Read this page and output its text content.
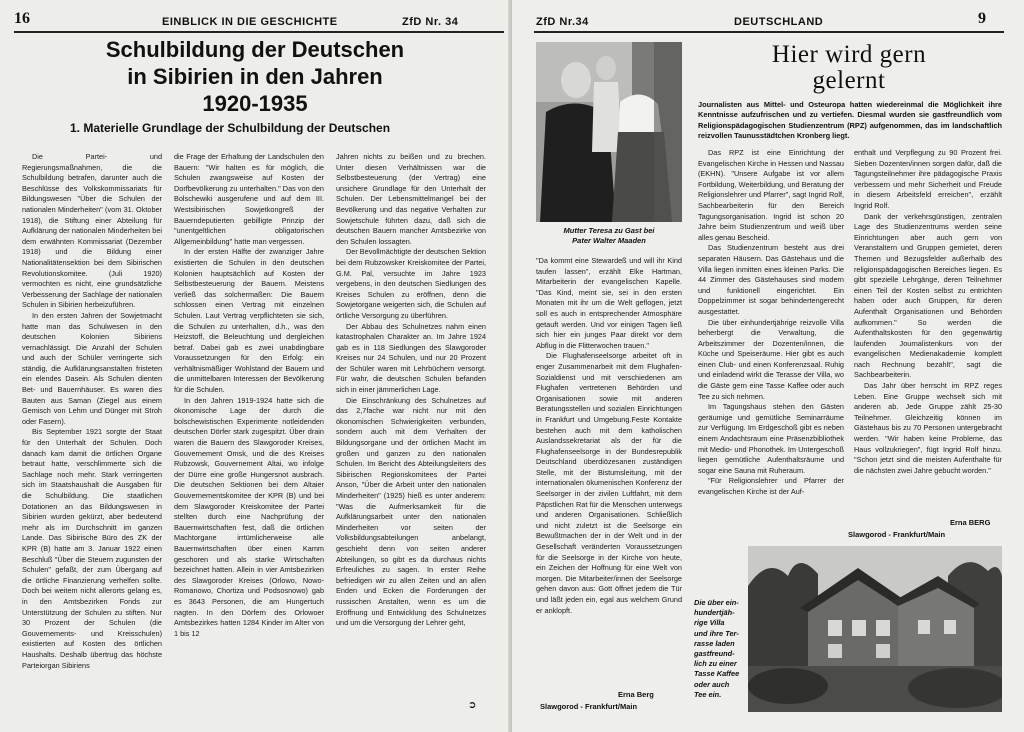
16	EINBLICK IN DIE GESCHICHTE	ZfD Nr. 34
Schulbildung der Deutschen
in Sibirien in den Jahren
1920-1935
1. Materielle Grundlage der Schulbildung der Deutschen

Die Partei- und Regierungsmaßnahmen, die die Schulbildung betrafen, darunter auch die Beschlüsse des Volkskommissariats für Bildungswesen "Über die Schulen der nationalen Minderheiten" (vom 31. Oktober 1918), die Stiftung einer Abteilung für Aufklärung der nationalen Minderheiten bei dem erwähnten Kommissariat (Dezember 1918) und die Bildung einer Nationalitätensektion bei dem Sibirischen Revolutionskomitee. (Juli 1920) vermochten es nicht, eine grundsätzliche Verbesserung der Sachlage der nationalen Schulen in Sibirien herbeizuführen.

In den ersten Jahren der Sowjetmacht hatte man das Schulwesen in den deutschen Kolonien Sibiriens vernachlässigt. Die Anzahl der Schulen und auch der Schüler verringerte sich ständig, die Aufklärungsanstalten fristeten ein elendes Dasein. Als Schulen dienten Bet- und Bauernhäuser. Es waren dies Bauten aus Saman (Ziegel aus einem Gemisch von Lehm und Dünger mit Stroh oder Fasern).

Bis September 1921 sorgte der Staat für den Unterhalt der Schulen. Doch danach kam damit die örtlichen Organe betraut hatte, verschlimmerte sich die Sachlage noch mehr. Stark verringerten sich im Staatshaushalt die Ausgaben für die Schulbildung. Die staatlichen Dotationen an das Bildungswesen in Sibirien wurden gekürzt, aber bedeutend mehr als im Durchschnitt im ganzen Lande. Das Sibirische Büro des ZK der KPR (B) hatte am 3. Januar 1922 einen Beschluß "Über die Steuern zugunsten der Schulen" gefaßt, der zum Übergang auf die örtliche Finanzierung verhelfen sollte. Doch bei weitem nicht allerorts gelang es, in den Amtsbezirken Fonds zur Unterstützung der Schulen zu stiften. Nur 30 Prozent der Schulen (die Gouvernements- und Kreisschulen) existierten auf Kosten des örtlichen Haushalts. Deshalb übertrug das höchste Parteiorgan Sibiriens

die Frage der Erhaltung der Landschulen den Bauern: "Wir halten es für möglich, die Schulen zwangsweise auf Kosten der Dorfbevölkerung zu unterhalten." Das von den Bolschewiki ausgerufene und auf dem III. Westsibirischen Sowjetkongreß der Bauerndeputierten gebilligte Prinzip der "unentgeltlichen obligatorischen Allgemeinbildung" hatte man vergessen.

In der ersten Hälfte der zwanziger Jahre existierten die Schulen in den deutschen Kolonien hauptsächlich auf Kosten der Selbstbesteuerung der Bauern. Meistens verließ das solchermaßen: Die Bauern schlossen einen Vertrag mit einzelnen Schulen. Laut Vertrag verpflichteten sie sich, die Schulen zu unterhalten, d.h., was den Heizstoff, die Beleuchtung und dergleichen betraf. Dabei gab es zwei unabdingbare Voraussetzungen für den Erfolg: ein verhältnismäßiger Wohlstand der Bauern und die unmittelbaren Interessen der Bevölkerung für die Schulen.

In den Jahren 1919-1924 hatte sich die ökonomische Lage der durch die bolschewistischen Experimente notleidenden deutschen Dörfer stark zugespitzt. Über drain waren die Bauern des Slawgoroder Kreises, Gouvernement Omsk, und die des Kreises Rubzowsk, Gouvernement Altai, wo infolge der Dürre eine große Hungersnot ausbrach. Die deutschen Sektionen bei dem Altaier Gouvernementskomitee der KPR (B) und bei dem Slawgoroder Kreiskomitee der Partei stellten durch eine Nachprüfung der Bauernwirtschaften fest, daß die örtlichen Machtorgane irrtümlicherweise alle Bauernwirtschaften über einen Kamm geschoren und als starke Wirtschaften bezeichnet hatten. Allein in vier Amtsbezirken des Slawgoroder Kreises (Orlowo, Nowo-Romanowo, Chortiza und Podsosnowo) gab es 3643 Personen, die am Hungertuch nagten. In den Dörfern des Orlowoer Amtsbezirkes hatten 1284 Kinder im Alter von 1 bis 12

Jahren nichts zu beißen und zu brechen. Unter diesen Verhältnissen war die Selbstbesteuerung (der Vertrag) eine unsichere Grundlage für den Unterhalt der Schulen. Der Lebensmittelmangel bei der Bevölkerung und das negative Verhalten zur Sowjetschule führten dazu, daß sich die deutschen Bauern mancher Amtsbezirke von den Schulen lossagten.

Der Bevollmächtigte der deutschen Sektion bei dem Rubzowsker Kreiskomitee der Partei, G.M. Pal, versuchte im Jahre 1923 vergebens, in den deutschen Siedlungen des Kreises Schulen zu eröffnen, denn die Sowjetorgane weigerten sich, die Schulen auf örtliche Versorgung zu überführen.

Der Abbau des Schulnetzes nahm einen katastrophalen Charakter an. Im Jahre 1924 gab es in 118 Siedlungen des Slawgoroder Kreises nur 24 Schulen, und nur 20 Prozent der Schüler waren mit Lehrbüchern versorgt. Für wahr, die deutschen Schulen befanden sich in einer jämmerlichen Lage.

Die Einschränkung des Schulnetzes auf das 2,7fache war nicht nur mit den ökonomischen Schwierigkeiten verbunden, sondern auch mit dem Verhalten der Bildungsorgane und der örtlichen Macht im großen und ganzen zu den nationalen Schulen. Im Bericht des Abteilungsleiters des Sibirischen Regionskomitees der Partei Anson, "Über die Arbeit unter den nationalen Minderheiten" (1925) hieß es unter anderem: "Was die Aufmerksamkeit für die Aufklärungsarbeit unter den nationalen Minderheiten vor seiten der Volksbildungsabteilungen anbelangt, geschieht denn von seiten anderer Abteilungen, so gibt es da durchaus nichts Erfreuliches zu sagen. In erster Reihe befriedigen wir zu allen Zeiten und an allen Enden und Ecken die Forderungen der russischen Anstalten, wenn es um die Eröffnung und Entwicklung des Schulnetzes und um die Versorgung der Lehrer geht,

➲
ZfD Nr.34	DEUTSCHLAND	9
Mutter Teresa zu Gast bei
Pater Walter Maaden

"Da kommt eine Stewardeß und will ihr Kind taufen lassen", erzählt Elke Hartman, Mitarbeiterin der evangelischen Kapelle. "Das Kind, meint sie, sei in den ersten Monaten mit ihr um die Welt geflogen, jetzt soll es auch in entsprechender Atmosphäre getauft werden. Und vor einigen Tagen ließ sich hier ein junges Paar direkt vor dem Abflug in die Flitterwochen trauen."

Die Flughafenseelsorge arbeitet oft in enger Zusammenarbeit mit dem Flughafen-Sozialdienst und mit verschiedenen am Flughafen vertretenen Behörden und Organisationen sowie mit anderen Beratungsstellen und sozialen Einrichtungen in Frankfurt und Umgebung.Feste Kontakte bestehen auch mit dem katholischen Auslandssekretariat als der für die Flughafenseelsorge in der Bundesrepublik Deutschland überdiözesanen zuständigen Stelle, mit der Bistumsleitung, mit der internationalen ökumenischen Konferenz der Seelsorger in der zivilen Luftfahrt, mit dem Päpstlichen Rat für die Menschen unterwegs und anderen Organisationen. Schließlich und nicht zuletzt ist die Seelsorge ein Bewußtmachen der in der Welt und in der Gesellschaft veränderten Voraussetzungen für die Seelsorge in der Kirche von heute, ein Zeichen der Hoffnung für eine Welt von morgen. Die Mitarbeiter/innen der Seelsorge gehen davon aus: Gott öffnet jedem die Tür und läßt jeden ein, egal aus welchem Grund er anklopft.

Erna Berg
Slawgorod - Frankfurt/Main
Hier wird gern
gelernt
Journalisten aus Mittel- und Osteuropa hatten wiedereinmal die Möglichkeit ihre Kenntnisse aufzufrischen und zu vertiefen. Diesmal wurden sie gastfreundlich vom Religionspädagogischen Studienzentrum (RPZ) aufgenommen, das im landschaftlich reizvollen Taunusstädtchen Kronberg liegt.

Das RPZ ist eine Einrichtung der Evangelischen Kirche in Hessen und Nassau (EKHN). "Unsere Aufgabe ist vor allem Fortbildung, Weiterbildung, und Beratung der Religionslehrer und Pfarrer", sagt Ingrid Rolf, Sachbearbeiterin für den Bereich Tagungsorganisation. Ingrid ist schon 20 Jahre beim Studienzentrum und weiß über alles genau Bescheid.

Das Studienzentrum besteht aus drei separaten Häusern. Das Gästehaus und die Villa liegen inmitten eines kleinen Parks. Die 44 Zimmer des Gästehauses sind modern und funktionell eingerichtet. Ein Doppelzimmer ist sogar behindertengerecht ausgestattet.

Die über einhundertjährige reizvolle Villa beherbergt die Verwaltung, die Arbeitszimmer der Dozenten/innen, die Küche und Speiseräume. Hier gibt es auch einen Club- und einen Konferenzsaal. Ruhig und einladend wirkt die Terasse der Villa, wo die Gäste gern eine Tasse Kaffee oder auch Tee zu sich nehmen.

Im Tagungshaus stehen den Gästen geräumige und gemütliche Seminarräume zur Verfügung. Im Erdgeschoß gibt es neben einem Andachtsraum eine Präsenzbibliothek mit Medio- und Phonothek. Im Untergeschoß liegen gemütliche Aufenthaltsräume und sogar eine Sauna mit Ruheraum.

"Für Religionslehrer und Pfarrer der evangelischen Kirche ist der Auf-

enthalt und Verpflegung zu 90 Prozent frei. Sieben Dozenten/innen sorgen dafür, daß die Tagungsteilnehmer ihre pädagogische Praxis verbessern und mehr Sicherheit und Freude in diesem Arbeitsfeld erreichen", erzählt Ingrid Rolf.

Dank der verkehrsgünstigen, zentralen Lage des Studienzentrums werden seine Einrichtungen aber auch gern von Veranstaltern und Gruppen gemietet, deren Themen und Bezugsfelder außerhalb des religionspädagogischen Bereiches liegen. Es gibt spezielle Lehrgänge, deren Teilnehmer einen Teil der Kosten selbst zu entrichten haben oder auch Gruppen, für deren Aufenthalt Organisationen und Behörden aufkommen." So werden die Aufenthaltskosten für den gegenwärtig laufenden Journalistenkurs von der evangelischen Medienakademie komplett nach Rechnung bezahlt", sagt die Sachbearbeiterin.

Das Jahr über herrscht im RPZ reges Leben. Eine Gruppe wechselt sich mit anderen ab. Jede Gruppe zählt 25-30 Teilnehmer. Gleichzeitig können im Gästehaus bis zu 70 Personen untergebracht werden. "Wir haben keine Probleme, das Haus vollzukriegen", fügt Ingrid Rolf hinzu. "Schon jetzt sind die meisten Aufenthalte für die nächsten zwei Jahre gebucht worden."

Erna BERG
Slawgorod - Frankfurt/Main
Die über ein-
hundertjäh-
rige Villa
und ihre Ter-
rasse laden
gastfreund-
lich zu einer
Tasse Kaffee
oder auch
Tee ein.
